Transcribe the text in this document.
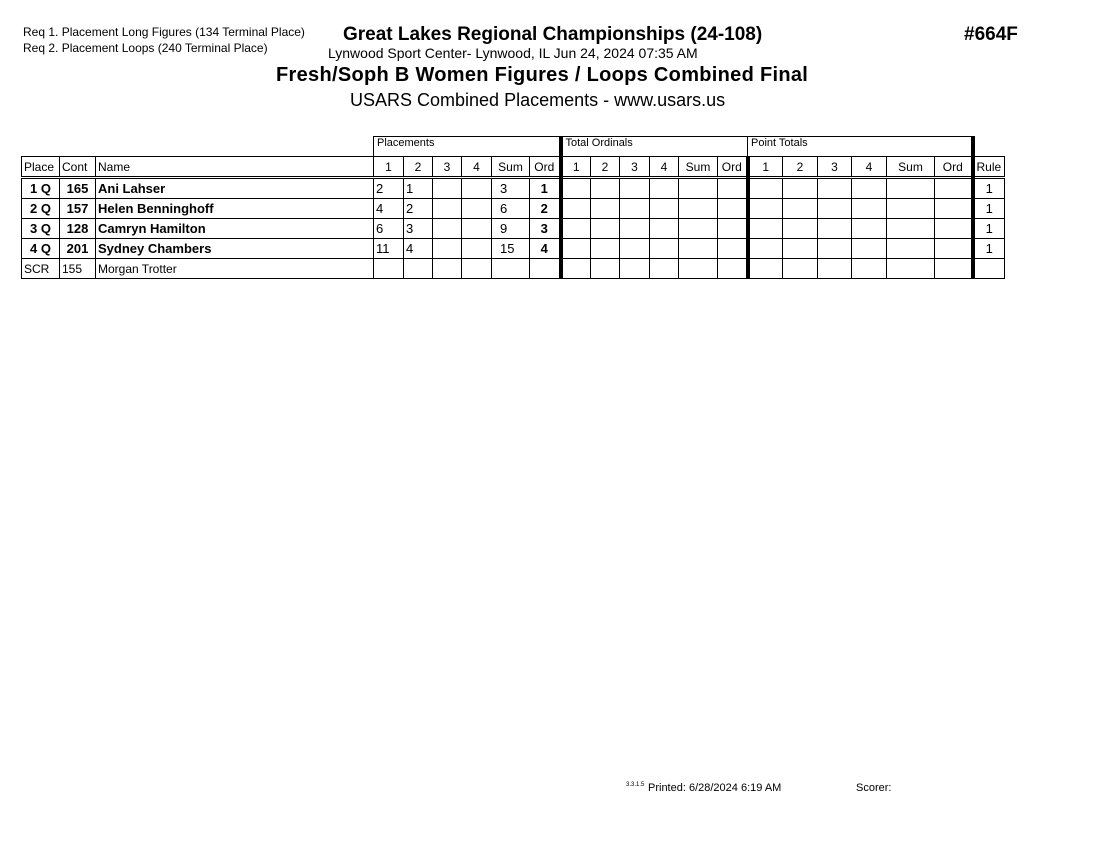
Req 1. Placement Long Figures (134 Terminal Place)
Req 2. Placement Loops (240 Terminal Place)
Great Lakes Regional Championships (24-108)
Lynwood Sport Center- Lynwood, IL Jun 24, 2024 07:35 AM
Fresh/Soph B Women Figures / Loops Combined Final
USARS Combined Placements - www.usars.us
#664F
			Placements						Total Ordinals						Point Totals						
Place	Cont	Name	1	2	3	4	Sum	Ord	1	2	3	4	Sum	Ord	1	2	3	4	Sum	Ord	Rule
1 Q	165	Ani Lahser	2	1			3	1													1
2 Q	157	Helen Benninghoff	4	2			6	2													1
3 Q	128	Camryn Hamilton	6	3			9	3													1
4 Q	201	Sydney Chambers	11	4			15	4													1
SCR	155	Morgan Trotter																			
3.3.1.5 Printed: 6/28/2024 6:19 AM	Scorer:
